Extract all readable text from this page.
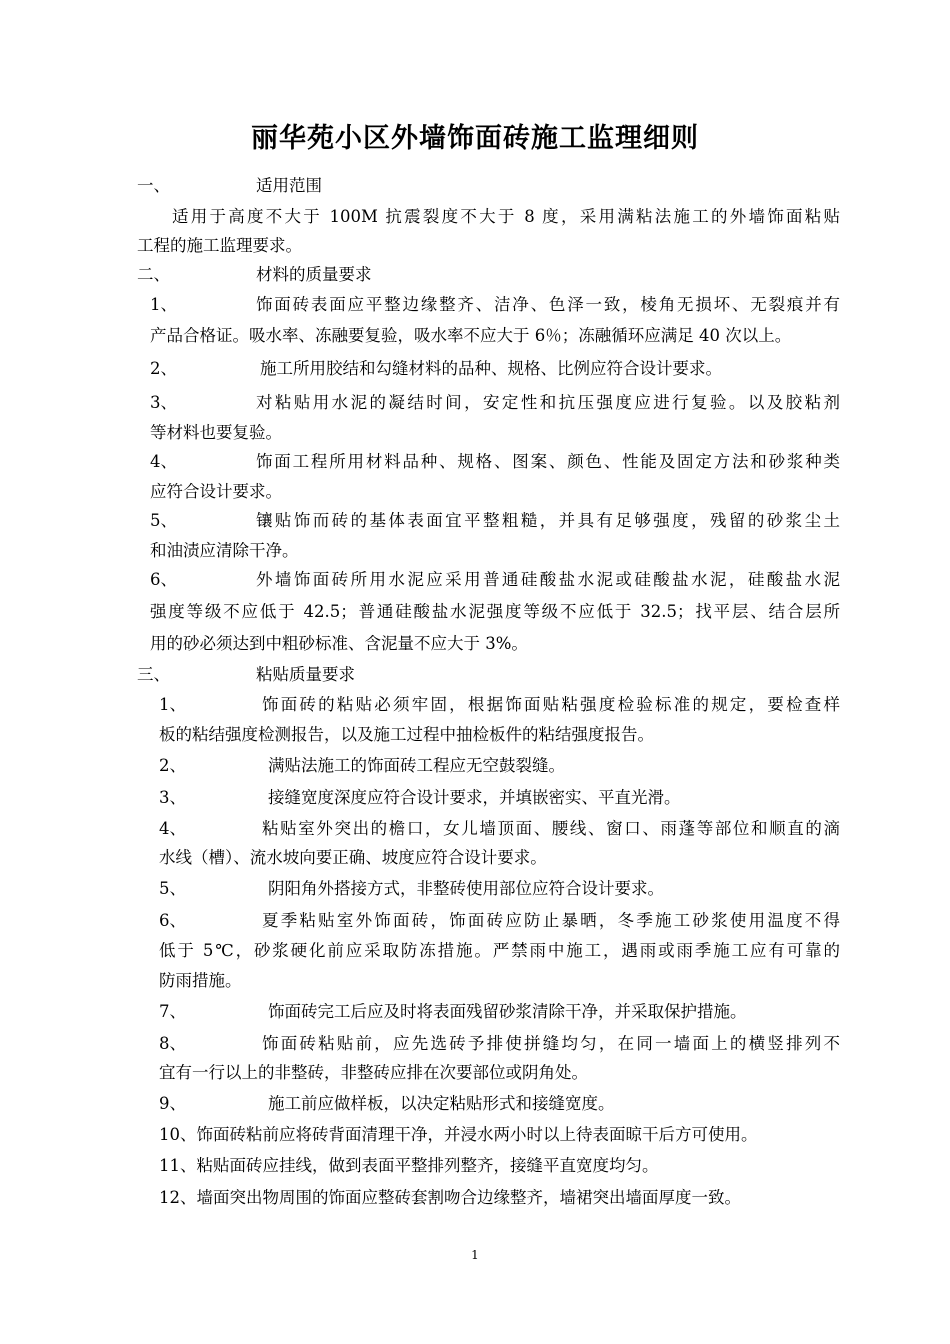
丽华苑小区外墙饰面砖施工监理细则
一、	适用范围
适用于高度不大于 100M 抗震裂度不大于 8 度，采用满粘法施工的外墙饰面粘贴
工程的施工监理要求。
二、	材料的质量要求
1、	饰面砖表面应平整边缘整齐、洁净、色泽一致，棱角无损坏、无裂痕并有
产品合格证。吸水率、冻融要复验，吸水率不应大于 6％；冻融循环应满足 40 次以上。
2、	施工所用胶结和勾缝材料的品种、规格、比例应符合设计要求。
3、	对粘贴用水泥的凝结时间，安定性和抗压强度应进行复验。以及胶粘剂
等材料也要复验。
4、	饰面工程所用材料品种、规格、图案、颜色、性能及固定方法和砂浆种类
应符合设计要求。
5、	镶贴饰而砖的基体表面宜平整粗糙，并具有足够强度，残留的砂浆尘土
和油渍应清除干净。
6、	外墙饰面砖所用水泥应采用普通硅酸盐水泥或硅酸盐水泥，硅酸盐水泥
强度等级不应低于 42.5；普通硅酸盐水泥强度等级不应低于 32.5；找平层、结合层所
用的砂必须达到中粗砂标准、含泥量不应大于 3%。
三、	粘贴质量要求
1、	饰面砖的粘贴必须牢固，根据饰面贴粘强度检验标准的规定，要检查样
板的粘结强度检测报告，以及施工过程中抽检板件的粘结强度报告。
2、	满贴法施工的饰面砖工程应无空鼓裂缝。
3、	接缝宽度深度应符合设计要求，并填嵌密实、平直光滑。
4、	粘贴室外突出的檐口，女儿墙顶面、腰线、窗口、雨蓬等部位和顺直的滴
水线（槽）、流水坡向要正确、坡度应符合设计要求。
5、	阴阳角外搭接方式，非整砖使用部位应符合设计要求。
6、	夏季粘贴室外饰面砖，饰面砖应防止暴晒，冬季施工砂浆使用温度不得
低于 5℃，砂浆硬化前应采取防冻措施。严禁雨中施工，遇雨或雨季施工应有可靠的
防雨措施。
7、	饰面砖完工后应及时将表面残留砂浆清除干净，并采取保护措施。
8、	饰面砖粘贴前，应先选砖予排使拼缝均匀，在同一墙面上的横竖排列不
宜有一行以上的非整砖，非整砖应排在次要部位或阴角处。
9、	施工前应做样板，以决定粘贴形式和接缝宽度。
10、饰面砖粘前应将砖背面清理干净，并浸水两小时以上待表面晾干后方可使用。
11、粘贴面砖应挂线，做到表面平整排列整齐，接缝平直宽度均匀。
12、墙面突出物周围的饰面应整砖套割吻合边缘整齐，墙裙突出墙面厚度一致。
1
